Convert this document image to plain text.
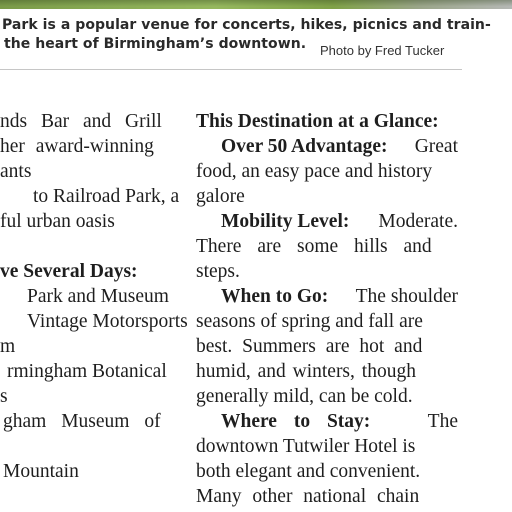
Park is a popular venue for concerts, hikes, picnics and train-
the heart of Birmingham’s downtown.	Photo by Fred Tucker
nds Bar and Grill
her award-winning
ants
to Railroad Park, a
ful urban oasis
ve Several Days:
Park and Museum
Vintage Motorsports
m
rmingham Botanical
s
gham Museum of
Mountain
This Destination at a Glance:
Over 50 Advantage: Great
food, an easy pace and history
galore
Mobility Level: Moderate.
There are some hills and
steps.
When to Go: The shoulder
seasons of spring and fall are
best. Summers are hot and
humid, and winters, though
generally mild, can be cold.
Where to Stay:	The
downtown Tutwiler Hotel is
both elegant and convenient.
Many other national chain
